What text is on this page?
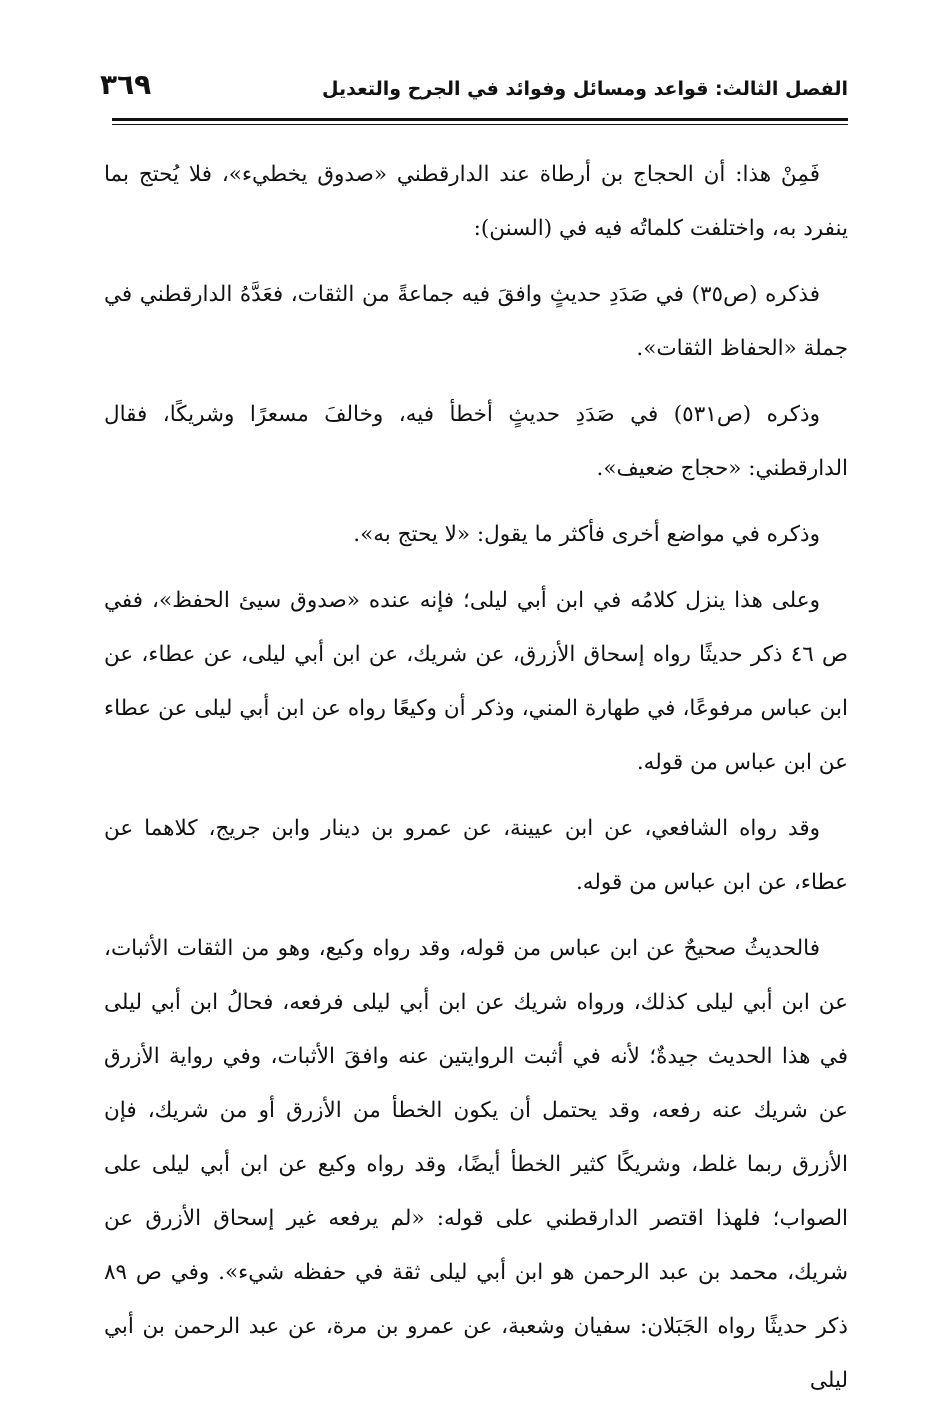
الفصل الثالث: قواعد ومسائل وفوائد في الجرح والتعديل
٣٦٩

فَمِنْ هذا: أن الحجاج بن أرطاة عند الدارقطني «صدوق يخطيء»، فلا يُحتج بما ينفرد به، واختلفت كلماتُه فيه في (السنن):

فذكره (ص٣٥) في صَدَدِ حديثٍ وافقَ فيه جماعةً من الثقات، فعَدَّهُ الدارقطني في جملة «الحفاظ الثقات».

وذكره (ص٥٣١) في صَدَدِ حديثٍ أخطأ فيه، وخالفَ مسعرًا وشريكًا، فقال الدارقطني: «حجاج ضعيف».

وذكره في مواضع أخرى فأكثر ما يقول: «لا يحتج به».

وعلى هذا ينزل كلامُه في ابن أبي ليلى؛ فإنه عنده «صدوق سيئ الحفظ»، ففي ص ٤٦ ذكر حديثًا رواه إسحاق الأزرق، عن شريك، عن ابن أبي ليلى، عن عطاء، عن ابن عباس مرفوعًا، في طهارة المني، وذكر أن وكيعًا رواه عن ابن أبي ليلى عن عطاء عن ابن عباس من قوله.

وقد رواه الشافعي، عن ابن عيينة، عن عمرو بن دينار وابن جريج، كلاهما عن عطاء، عن ابن عباس من قوله.

فالحديثُ صحيحٌ عن ابن عباس من قوله، وقد رواه وكيع، وهو من الثقات الأثبات، عن ابن أبي ليلى كذلك، ورواه شريك عن ابن أبي ليلى فرفعه، فحالُ ابن أبي ليلى في هذا الحديث جيدةٌ؛ لأنه في أثبت الروايتين عنه وافقَ الأثبات، وفي رواية الأزرق عن شريك عنه رفعه، وقد يحتمل أن يكون الخطأ من الأزرق أو من شريك، فإن الأزرق ربما غلط، وشريكًا كثير الخطأ أيضًا، وقد رواه وكيع عن ابن أبي ليلى على الصواب؛ فلهذا اقتصر الدارقطني على قوله: «لم يرفعه غير إسحاق الأزرق عن شريك، محمد بن عبد الرحمن هو ابن أبي ليلى ثقة في حفظه شيء». وفي ص ٨٩ ذكر حديثًا رواه الجَبَلان: سفيان وشعبة، عن عمرو بن مرة، عن عبد الرحمن بن أبي ليلى
